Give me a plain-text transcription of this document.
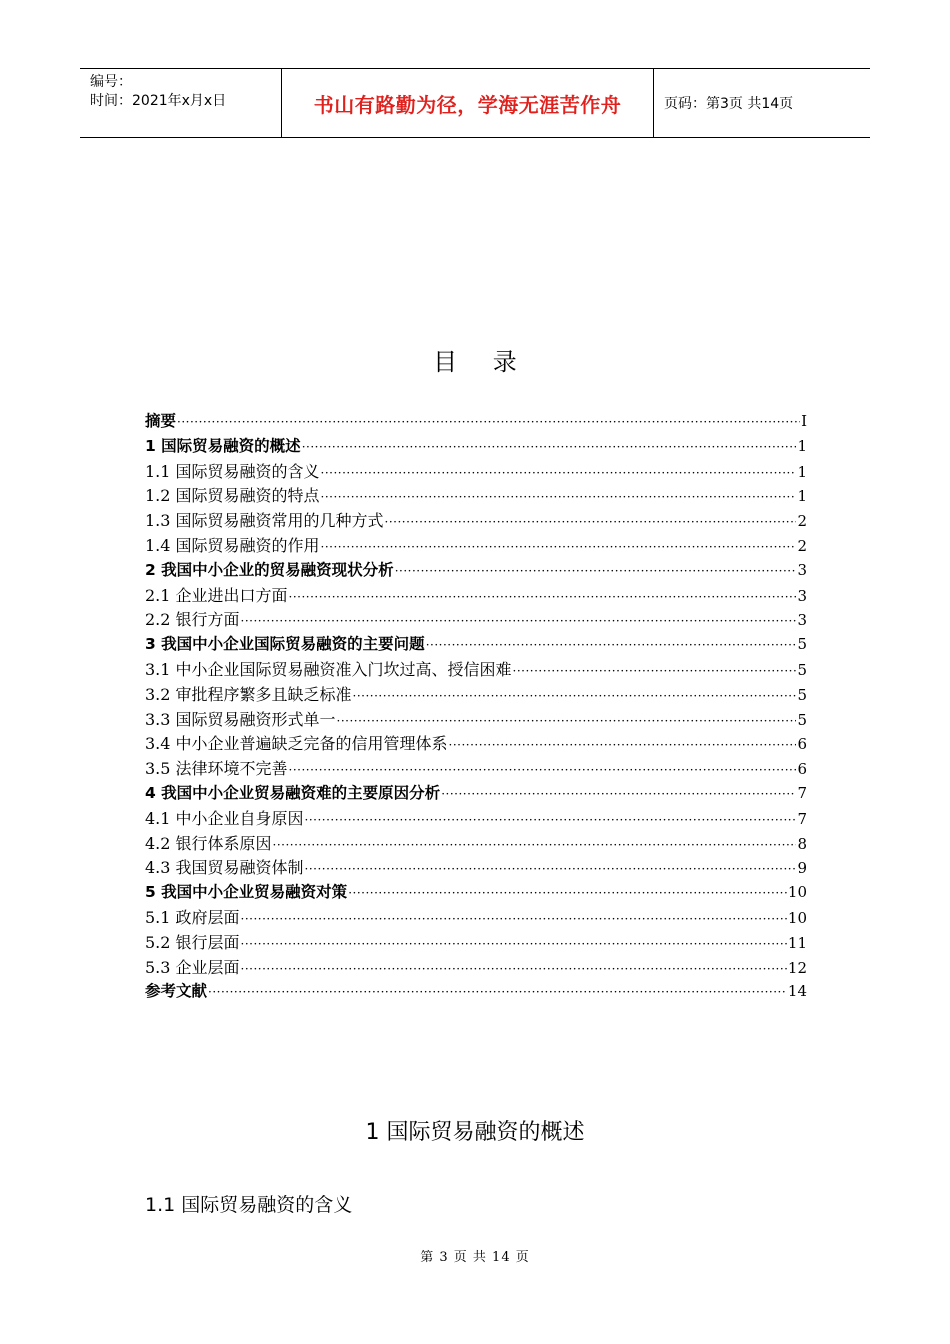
编号：
时间：2021年x月x日	书山有路勤为径，学海无涯苦作舟	页码：第3页 共14页
目 录
摘要 ·····	I
1 国际贸易融资的概述 ·····	1
1.1 国际贸易融资的含义 ·····	1
1.2 国际贸易融资的特点 ·····	1
1.3 国际贸易融资常用的几种方式 ·····	2
1.4 国际贸易融资的作用 ·····	2
2 我国中小企业的贸易融资现状分析 ·····	3
2.1 企业进出口方面 ·····	3
2.2 银行方面 ·····	3
3 我国中小企业国际贸易融资的主要问题 ·····	5
3.1 中小企业国际贸易融资准入门坎过高、授信困难 ·····	5
3.2 审批程序繁多且缺乏标准 ·····	5
3.3 国际贸易融资形式单一 ·····	5
3.4 中小企业普遍缺乏完备的信用管理体系 ·····	6
3.5 法律环境不完善 ·····	6
4 我国中小企业贸易融资难的主要原因分析 ·····	7
4.1 中小企业自身原因 ·····	7
4.2 银行体系原因 ·····	8
4.3 我国贸易融资体制 ·····	9
5 我国中小企业贸易融资对策 ·····	10
5.1 政府层面 ·····	10
5.2 银行层面 ·····	11
5.3 企业层面 ·····	12
参考文献 ·····	14
1 国际贸易融资的概述
1.1 国际贸易融资的含义
第 3 页 共 14 页
